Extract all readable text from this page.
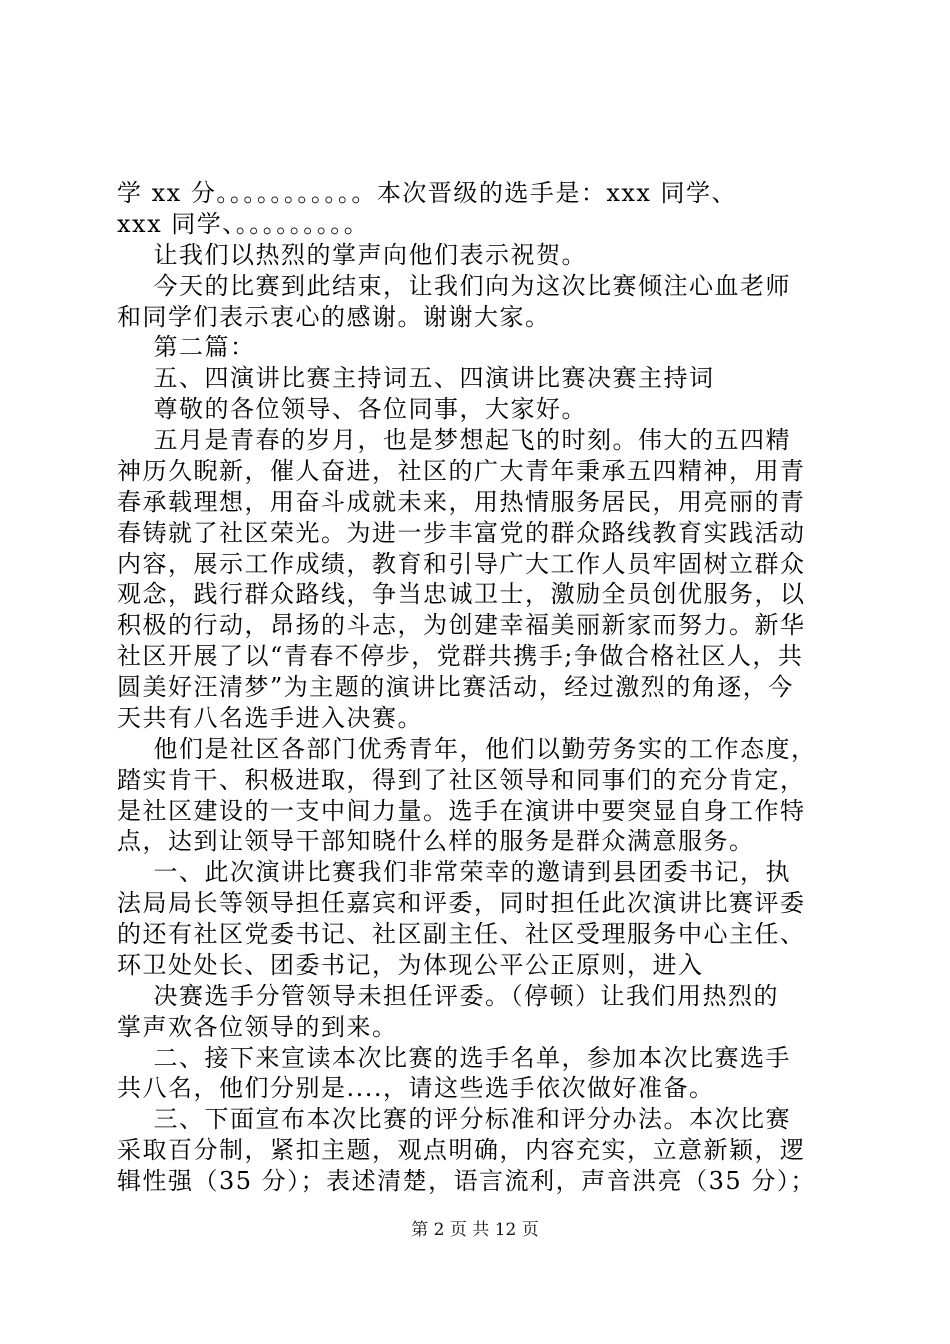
学 xx 分。。。。。。。。。。。本次晋级的选手是：xxx 同学、
xxx 同学、。。。。。。。。。
让我们以热烈的掌声向他们表示祝贺。
今天的比赛到此结束，让我们向为这次比赛倾注心血老师
和同学们表示衷心的感谢。谢谢大家。
第二篇：
五、四演讲比赛主持词五、四演讲比赛决赛主持词
尊敬的各位领导、各位同事，大家好。
五月是青春的岁月，也是梦想起飞的时刻。伟大的五四精
神历久睨新，催人奋进，社区的广大青年秉承五四精神，用青
春承载理想，用奋斗成就未来，用热情服务居民，用亮丽的青
春铸就了社区荣光。为进一步丰富党的群众路线教育实践活动
内容，展示工作成绩，教育和引导广大工作人员牢固树立群众
观念，践行群众路线，争当忠诚卫士，激励全员创优服务，以
积极的行动，昂扬的斗志，为创建幸福美丽新家而努力。新华
社区开展了以“青春不停步，党群共携手;争做合格社区人，共
圆美好汪清梦”为主题的演讲比赛活动，经过激烈的角逐，今
天共有八名选手进入决赛。
他们是社区各部门优秀青年，他们以勤劳务实的工作态度，
踏实肯干、积极进取，得到了社区领导和同事们的充分肯定，
是社区建设的一支中间力量。选手在演讲中要突显自身工作特
点，达到让领导干部知晓什么样的服务是群众满意服务。
一、此次演讲比赛我们非常荣幸的邀请到县团委书记，执
法局局长等领导担任嘉宾和评委，同时担任此次演讲比赛评委
的还有社区党委书记、社区副主任、社区受理服务中心主任、
环卫处处长、团委书记，为体现公平公正原则，进入
决赛选手分管领导未担任评委。（停顿）让我们用热烈的
掌声欢各位领导的到来。
第 2 页 共 12 页
二、接下来宣读本次比赛的选手名单，参加本次比赛选手
共八名，他们分别是....，请这些选手依次做好准备。
三、下面宣布本次比赛的评分标准和评分办法。本次比赛
采取百分制，紧扣主题，观点明确，内容充实，立意新颖，逻
辑性强（35 分）；表述清楚，语言流利，声音洪亮（35 分）；
